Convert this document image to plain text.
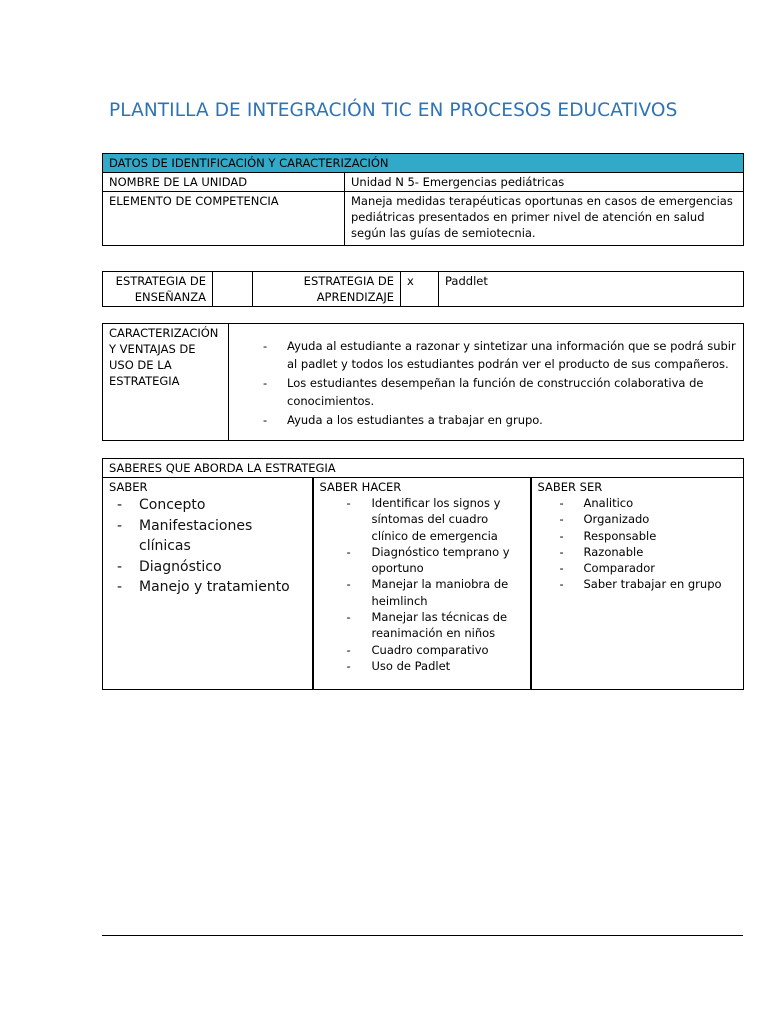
PLANTILLA DE INTEGRACIÓN TIC EN PROCESOS EDUCATIVOS
DATOS DE IDENTIFICACIÓN Y CARACTERIZACIÓN	
NOMBRE DE LA UNIDAD	Unidad N 5- Emergencias pediátricas
ELEMENTO DE COMPETENCIA	Maneja medidas terapéuticas oportunas en casos de emergencias pediátricas presentados en primer nivel de atención en salud según las guías de semiotecnia.
ESTRATEGIA DE ENSEÑANZA		ESTRATEGIA DE APRENDIZAJE	x	Paddlet
CARACTERIZACIÓN Y VENTAJAS DE USO DE LA ESTRATEGIA	
- Ayuda al estudiante a razonar y sintetizar una información que se podrá subir al padlet y todos los estudiantes podrán ver el producto de sus compañeros.
- Los estudiantes desempeñan la función de construcción colaborativa de conocimientos.
- Ayuda a los estudiantes a trabajar en grupo.
SABERES QUE ABORDA LA ESTRATEGIA

SABER
- Concepto
- Manifestaciones clínicas
- Diagnóstico
- Manejo y tratamiento

SABER HACER
- Identificar los signos y síntomas del cuadro clínico de emergencia
- Diagnóstico temprano y oportuno
- Manejar la maniobra de heimlinch
- Manejar las técnicas de reanimación en niños
- Cuadro comparativo
- Uso de Padlet

SABER SER
- Analitico
- Organizado
- Responsable
- Razonable
- Comparador
- Saber trabajar en grupo
